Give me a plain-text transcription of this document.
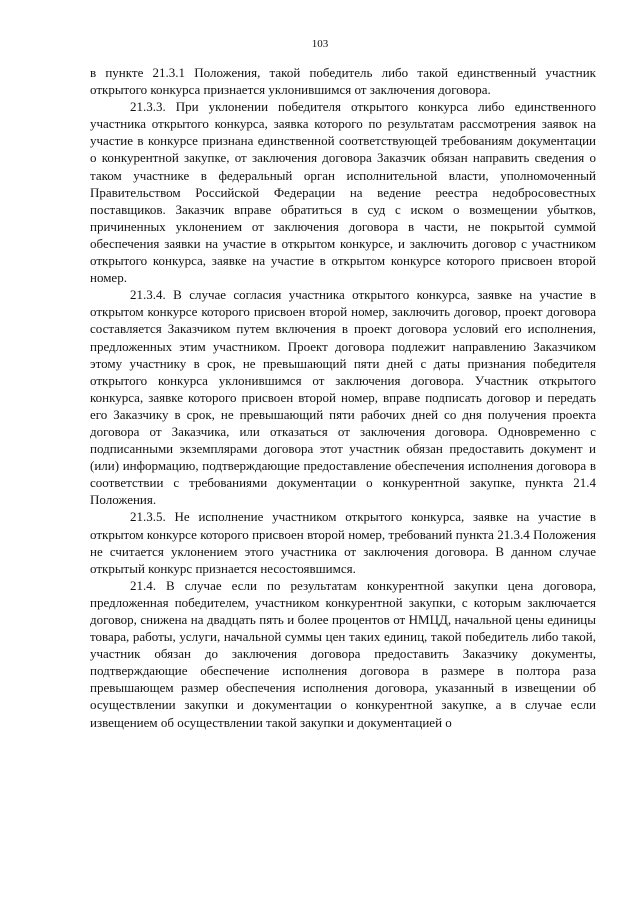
103

в пункте 21.3.1 Положения, такой победитель либо такой единственный участник открытого конкурса признается уклонившимся от заключения договора.

21.3.3. При уклонении победителя открытого конкурса либо единственного участника открытого конкурса, заявка которого по результатам рассмотрения заявок на участие в конкурсе признана единственной соответствующей требованиям документации о конкурентной закупке, от заключения договора Заказчик обязан направить сведения о таком участнике в федеральный орган исполнительной власти, уполномоченный Правительством Российской Федерации на ведение реестра недобросовестных поставщиков. Заказчик вправе обратиться в суд с иском о возмещении убытков, причиненных уклонением от заключения договора в части, не покрытой суммой обеспечения заявки на участие в открытом конкурсе, и заключить договор с участником открытого конкурса, заявке на участие в открытом конкурсе которого присвоен второй номер.

21.3.4. В случае согласия участника открытого конкурса, заявке на участие в открытом конкурсе которого присвоен второй номер, заключить договор, проект договора составляется Заказчиком путем включения в проект договора условий его исполнения, предложенных этим участником. Проект договора подлежит направлению Заказчиком этому участнику в срок, не превышающий пяти дней с даты признания победителя открытого конкурса уклонившимся от заключения договора. Участник открытого конкурса, заявке которого присвоен второй номер, вправе подписать договор и передать его Заказчику в срок, не превышающий пяти рабочих дней со дня получения проекта договора от Заказчика, или отказаться от заключения договора. Одновременно с подписанными экземплярами договора этот участник обязан предоставить документ и (или) информацию, подтверждающие предоставление обеспечения исполнения договора в соответствии с требованиями документации о конкурентной закупке, пункта 21.4 Положения.

21.3.5. Не исполнение участником открытого конкурса, заявке на участие в открытом конкурсе которого присвоен второй номер, требований пункта 21.3.4 Положения не считается уклонением этого участника от заключения договора. В данном случае открытый конкурс признается несостоявшимся.

21.4. В случае если по результатам конкурентной закупки цена договора, предложенная победителем, участником конкурентной закупки, с которым заключается договор, снижена на двадцать пять и более процентов от НМЦД, начальной цены единицы товара, работы, услуги, начальной суммы цен таких единиц, такой победитель либо такой, участник обязан до заключения договора предоставить Заказчику документы, подтверждающие обеспечение исполнения договора в размере в полтора раза превышающем размер обеспечения исполнения договора, указанный в извещении об осуществлении закупки и документации о конкурентной закупке, а в случае если извещением об осуществлении такой закупки и документацией о
